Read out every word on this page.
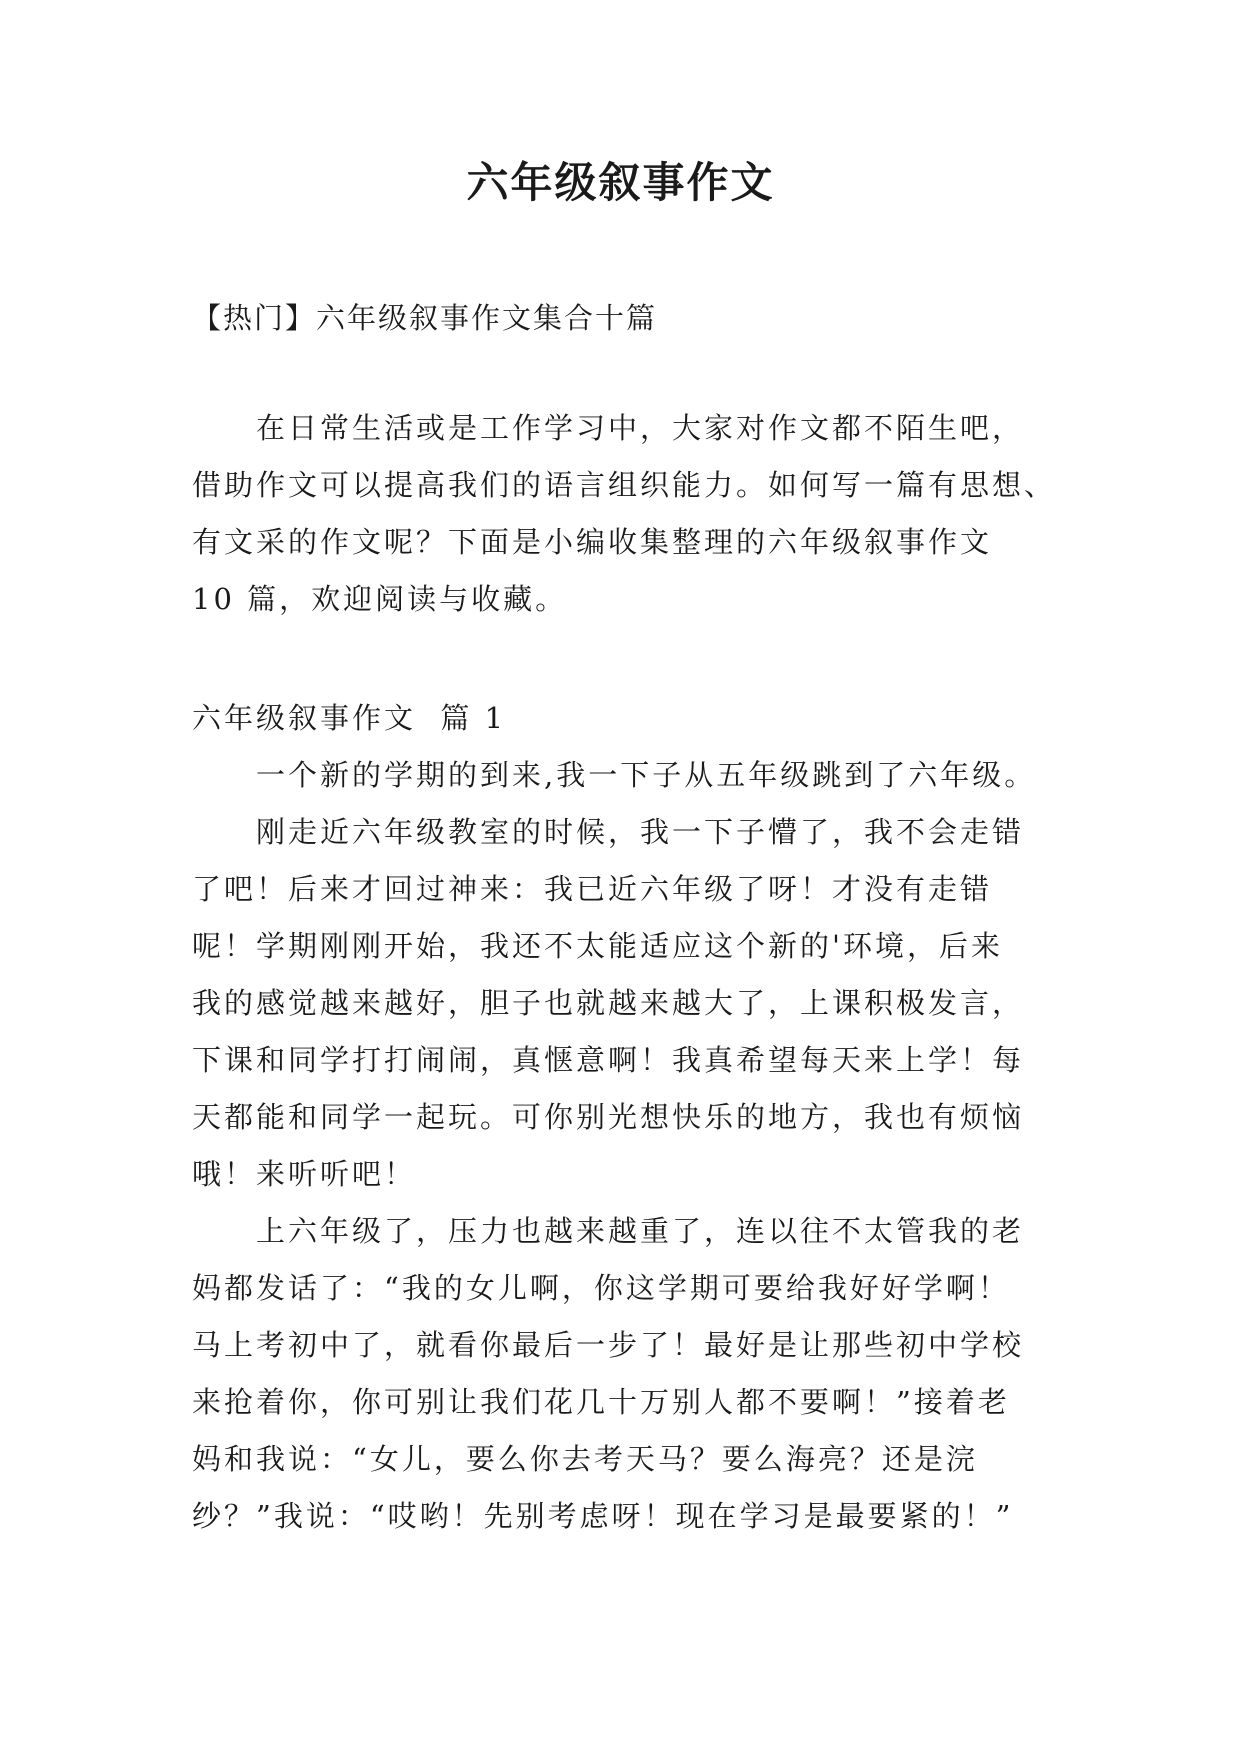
六年级叙事作文

【热门】六年级叙事作文集合十篇

在日常生活或是工作学习中，大家对作文都不陌生吧，
借助作文可以提高我们的语言组织能力。如何写一篇有思想、
有文采的作文呢？下面是小编收集整理的六年级叙事作文
10 篇，欢迎阅读与收藏。
六年级叙事作文  篇 1
一个新的学期的到来,我一下子从五年级跳到了六年级。
刚走近六年级教室的时候，我一下子懵了，我不会走错
了吧！后来才回过神来：我已近六年级了呀！才没有走错
呢！学期刚刚开始，我还不太能适应这个新的'环境，后来
我的感觉越来越好，胆子也就越来越大了，上课积极发言，
下课和同学打打闹闹，真惬意啊！我真希望每天来上学！每
天都能和同学一起玩。可你别光想快乐的地方，我也有烦恼
哦！来听听吧！
上六年级了，压力也越来越重了，连以往不太管我的老
妈都发话了：“我的女儿啊，你这学期可要给我好好学啊！
马上考初中了，就看你最后一步了！最好是让那些初中学校
来抢着你，你可别让我们花几十万别人都不要啊！”接着老
妈和我说：“女儿，要么你去考天马？要么海亮？还是浣
纱？”我说：“哎哟！先别考虑呀！现在学习是最要紧的！”
